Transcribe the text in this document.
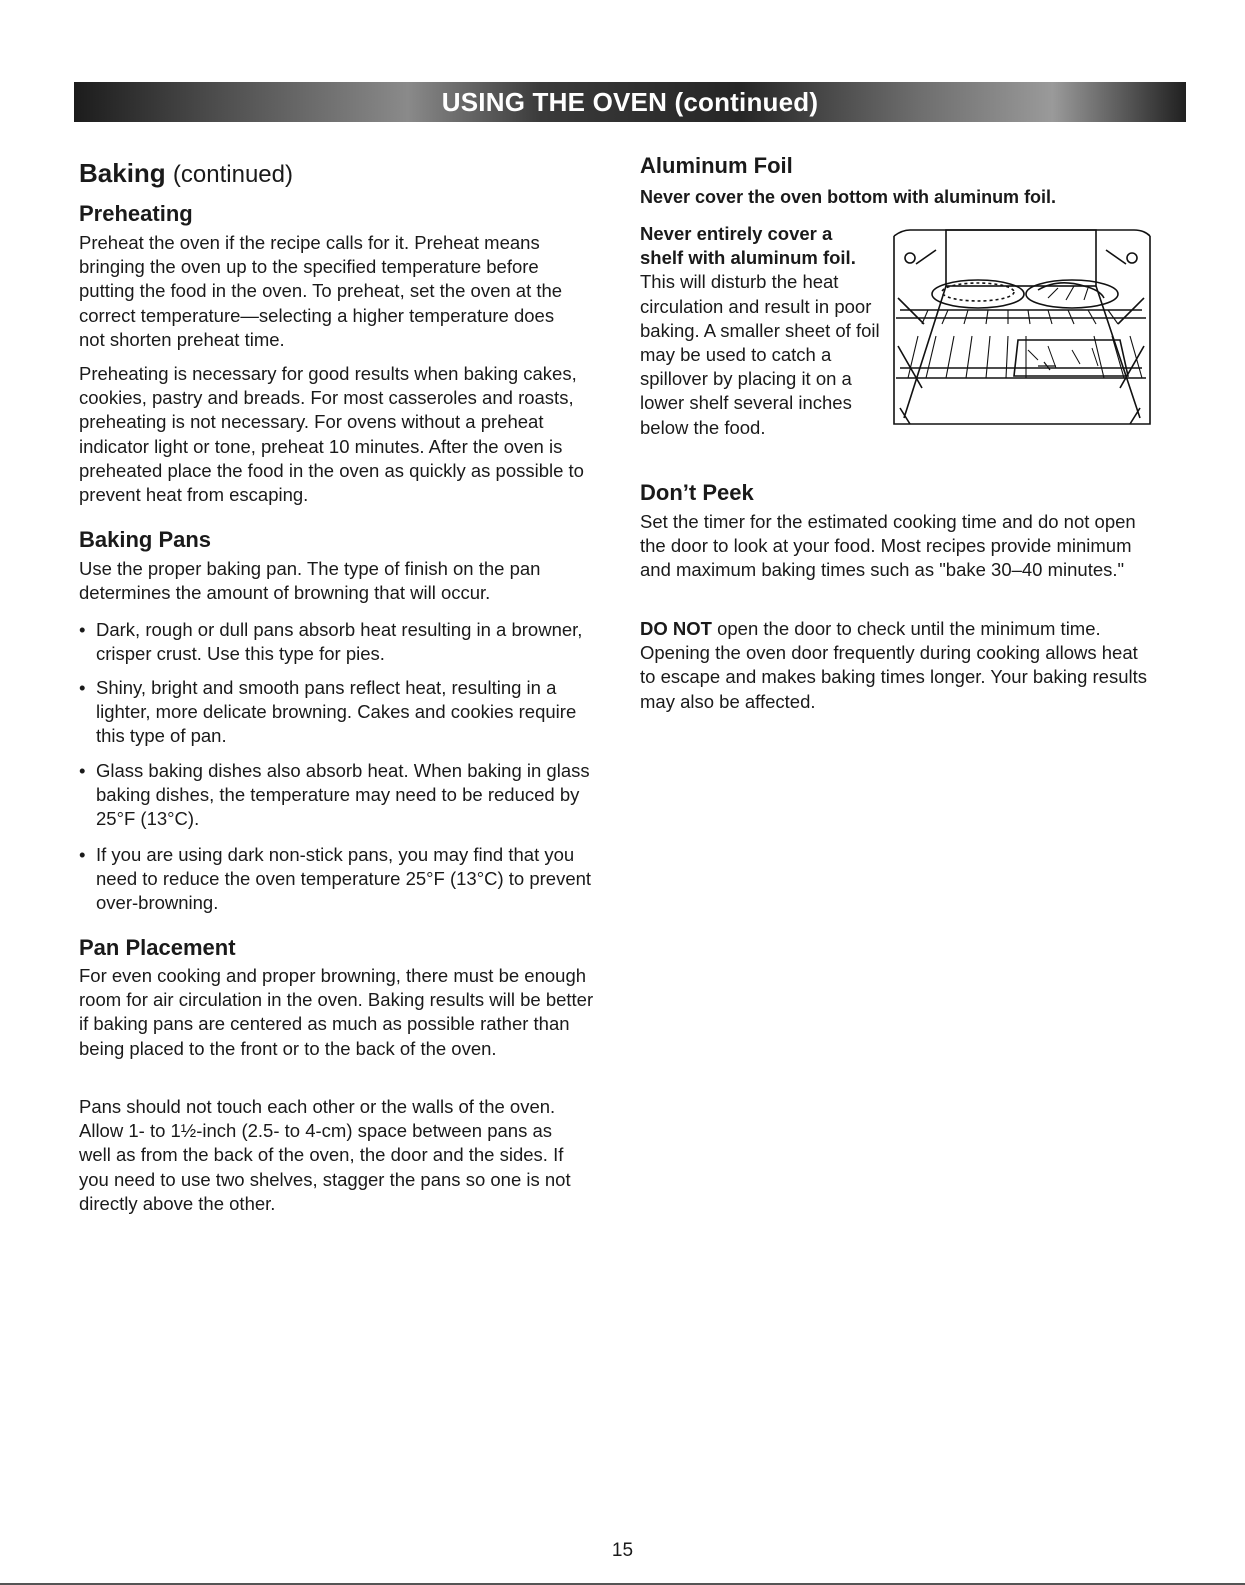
USING THE OVEN (continued)
Baking (continued)
Preheating

Preheat the oven if the recipe calls for it. Preheat means bringing the oven up to the specified temperature before putting the food in the oven. To preheat, set the oven at the correct temperature—selecting a higher temperature does not shorten preheat time.

Preheating is necessary for good results when baking cakes, cookies, pastry and breads. For most casseroles and roasts, preheating is not necessary. For ovens without a preheat indicator light or tone, preheat 10 minutes. After the oven is preheated place the food in the oven as quickly as possible to prevent heat from escaping.

Baking Pans

Use the proper baking pan. The type of finish on the pan determines the amount of browning that will occur.

• Dark, rough or dull pans absorb heat resulting in a browner, crisper crust. Use this type for pies.
• Shiny, bright and smooth pans reflect heat, resulting in a lighter, more delicate browning. Cakes and cookies require this type of pan.
• Glass baking dishes also absorb heat. When baking in glass baking dishes, the temperature may need to be reduced by 25°F (13°C).
• If you are using dark non-stick pans, you may find that you need to reduce the oven temperature 25°F (13°C) to prevent over-browning.
Pan Placement

For even cooking and proper browning, there must be enough room for air circulation in the oven. Baking results will be better if baking pans are centered as much as possible rather than being placed to the front or to the back of the oven.

Pans should not touch each other or the walls of the oven. Allow 1- to 1½-inch (2.5- to 4-cm) space between pans as well as from the back of the oven, the door and the sides. If you need to use two shelves, stagger the pans so one is not directly above the other.

Aluminum Foil

Never cover the oven bottom with aluminum foil.

Never entirely cover a shelf with aluminum foil. This will disturb the heat circulation and result in poor baking. A smaller sheet of foil may be used to catch a spillover by placing it on a lower shelf several inches below the food.

Don’t Peek

Set the timer for the estimated cooking time and do not open the door to look at your food. Most recipes provide minimum and maximum baking times such as "bake 30–40 minutes."

DO NOT open the door to check until the minimum time. Opening the oven door frequently during cooking allows heat to escape and makes baking times longer. Your baking results may also be affected.

15
